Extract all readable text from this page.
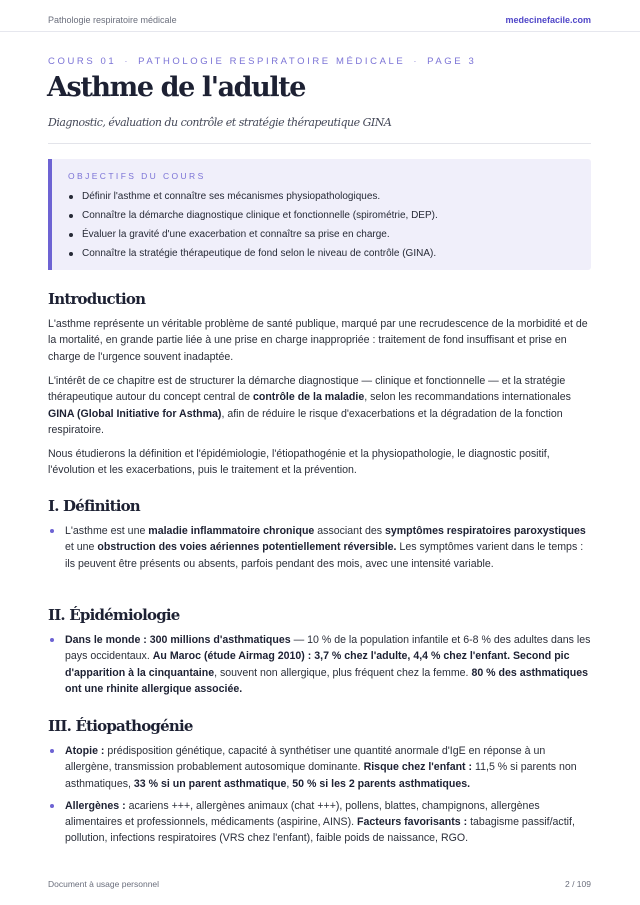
Pathologie respiratoire médicale	medecinefacile.com
COURS 01 · PATHOLOGIE RESPIRATOIRE MÉDICALE · PAGE 3
Asthme de l'adulte
Diagnostic, évaluation du contrôle et stratégie thérapeutique GINA
OBJECTIFS DU COURS
Définir l'asthme et connaître ses mécanismes physiopathologiques.
Connaître la démarche diagnostique clinique et fonctionnelle (spirométrie, DEP).
Évaluer la gravité d'une exacerbation et connaître sa prise en charge.
Connaître la stratégie thérapeutique de fond selon le niveau de contrôle (GINA).
Introduction

L'asthme représente un véritable problème de santé publique, marqué par une recrudescence de la morbidité et de la mortalité, en grande partie liée à une prise en charge inappropriée : traitement de fond insuffisant et prise en charge de l'urgence souvent inadaptée.

L'intérêt de ce chapitre est de structurer la démarche diagnostique — clinique et fonctionnelle — et la stratégie thérapeutique autour du concept central de contrôle de la maladie, selon les recommandations internationales GINA (Global Initiative for Asthma), afin de réduire le risque d'exacerbations et la dégradation de la fonction respiratoire.

Nous étudierons la définition et l'épidémiologie, l'étiopathogénie et la physiopathologie, le diagnostic positif, l'évolution et les exacerbations, puis le traitement et la prévention.

I. Définition
L'asthme est une maladie inflammatoire chronique associant des symptômes respiratoires paroxystiques et une obstruction des voies aériennes potentiellement réversible. Les symptômes varient dans le temps : ils peuvent être présents ou absents, parfois pendant des mois, avec une intensité variable.
II. Épidémiologie
Dans le monde : 300 millions d'asthmatiques — 10 % de la population infantile et 6-8 % des adultes dans les pays occidentaux. Au Maroc (étude Airmag 2010) : 3,7 % chez l'adulte, 4,4 % chez l'enfant. Second pic d'apparition à la cinquantaine, souvent non allergique, plus fréquent chez la femme. 80 % des asthmatiques ont une rhinite allergique associée.
III. Étiopathogénie
Atopie : prédisposition génétique, capacité à synthétiser une quantité anormale d'IgE en réponse à un allergène, transmission probablement autosomique dominante. Risque chez l'enfant : 11,5 % si parents non asthmatiques, 33 % si un parent asthmatique, 50 % si les 2 parents asthmatiques.
Allergènes : acariens +++, allergènes animaux (chat +++), pollens, blattes, champignons, allergènes alimentaires et professionnels, médicaments (aspirine, AINS). Facteurs favorisants : tabagisme passif/actif, pollution, infections respiratoires (VRS chez l'enfant), faible poids de naissance, RGO.
Document à usage personnel	2 / 109
